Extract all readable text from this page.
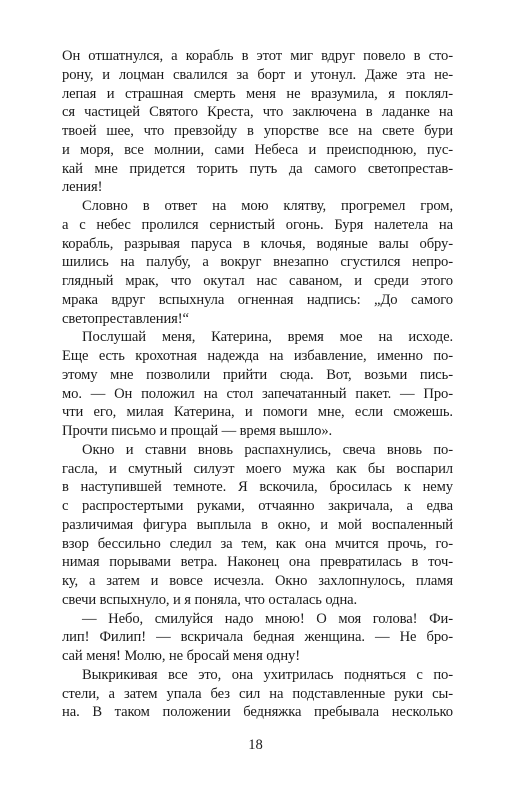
Он отшатнулся, а корабль в этот миг вдруг повело в сто-
рону, и лоцман свалился за борт и утонул. Даже эта не-
лепая и страшная смерть меня не вразумила, я поклял-
ся частицей Святого Креста, что заключена в ладанке на
твоей шее, что превзойду в упорстве все на свете бури
и моря, все молнии, сами Небеса и преисподнюю, пус-
кай мне придется торить путь да самого светопрестав-
ления!
Словно в ответ на мою клятву, прогремел гром,
а с небес пролился сернистый огонь. Буря налетела на
корабль, разрывая паруса в клочья, водяные валы обру-
шились на палубу, а вокруг внезапно сгустился непро-
глядный мрак, что окутал нас саваном, и среди этого
мрака вдруг вспыхнула огненная надпись: „До самого
светопреставления!“
Послушай меня, Катерина, время мое на исходе.
Еще есть крохотная надежда на избавление, именно по-
этому мне позволили прийти сюда. Вот, возьми пись-
мо. — Он положил на стол запечатанный пакет. — Про-
чти его, милая Катерина, и помоги мне, если сможешь.
Прочти письмо и прощай — время вышло».
Окно и ставни вновь распахнулись, свеча вновь по-
гасла, и смутный силуэт моего мужа как бы воспарил
в наступившей темноте. Я вскочила, бросилась к нему
с распростертыми руками, отчаянно закричала, а едва
различимая фигура выплыла в окно, и мой воспаленный
взор бессильно следил за тем, как она мчится прочь, го-
нимая порывами ветра. Наконец она превратилась в точ-
ку, а затем и вовсе исчезла. Окно захлопнулось, пламя
свечи вспыхнуло, и я поняла, что осталась одна.
— Небо, смилуйся надо мною! О моя голова! Фи-
лип! Филип! — вскричала бедная женщина. — Не бро-
сай меня! Молю, не бросай меня одну!
Выкрикивая все это, она ухитрилась подняться с по-
стели, а затем упала без сил на подставленные руки сы-
на. В таком положении бедняжка пребывала несколько
18
